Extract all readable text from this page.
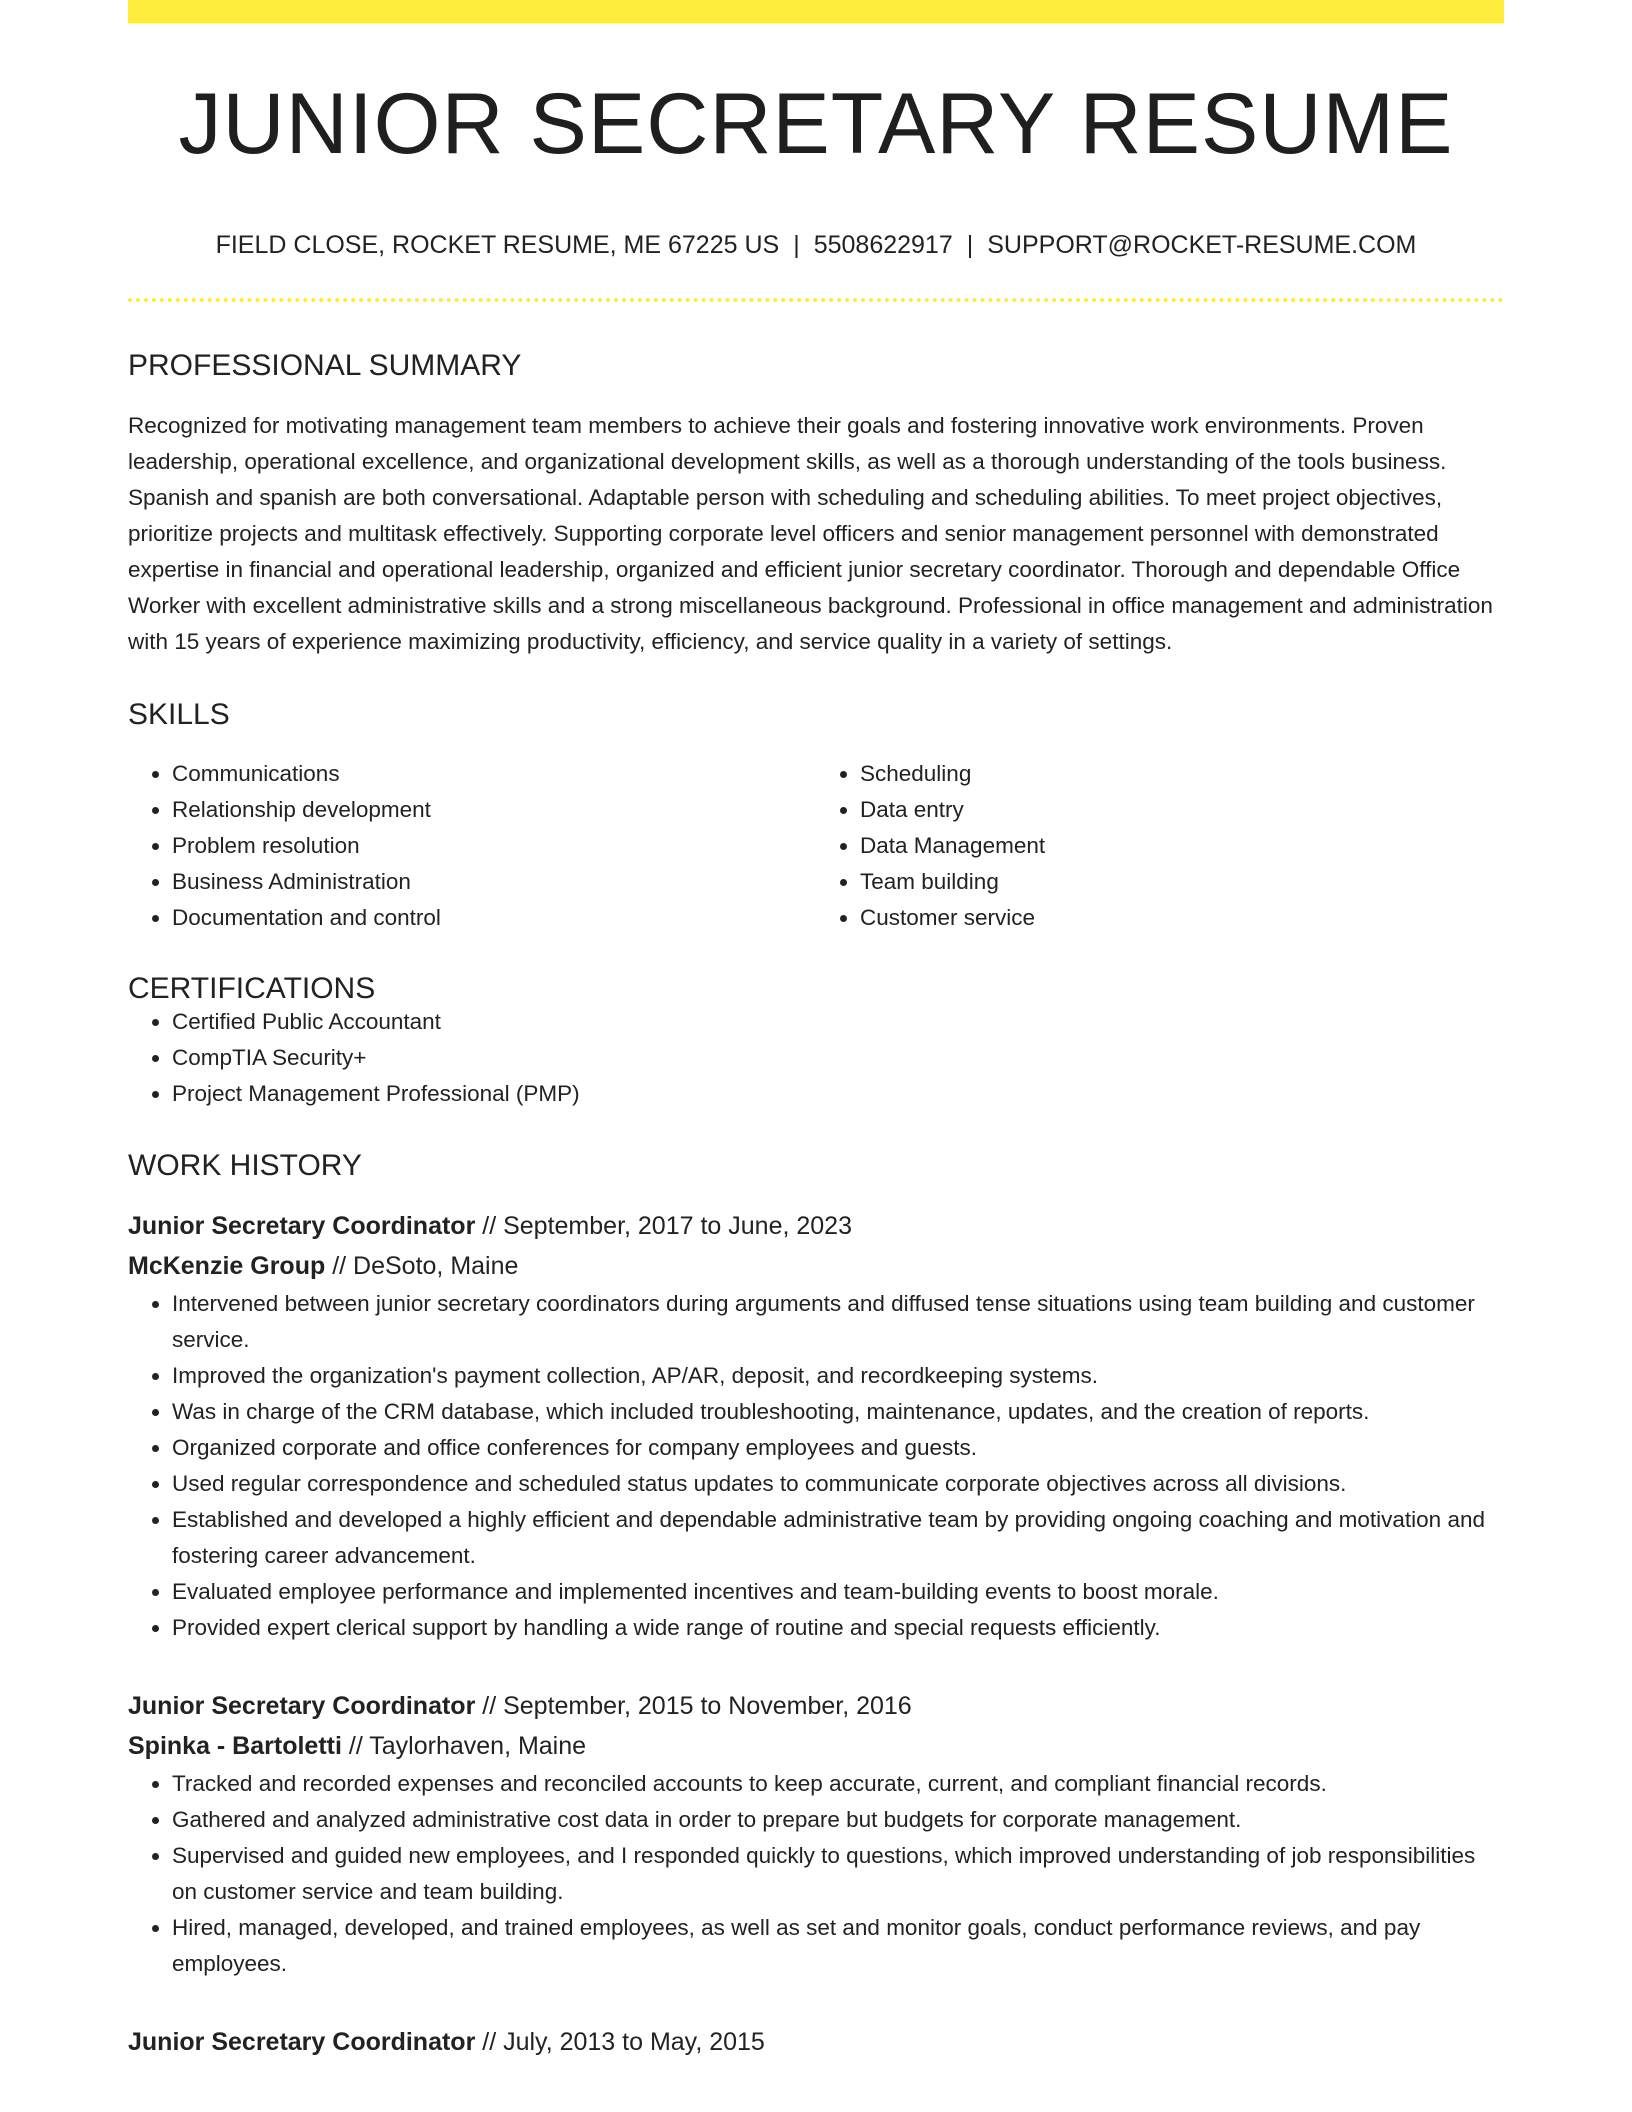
JUNIOR SECRETARY RESUME
FIELD CLOSE, ROCKET RESUME, ME 67225 US | 5508622917 | SUPPORT@ROCKET-RESUME.COM
PROFESSIONAL SUMMARY

Recognized for motivating management team members to achieve their goals and fostering innovative work environments. Proven leadership, operational excellence, and organizational development skills, as well as a thorough understanding of the tools business. Spanish and spanish are both conversational. Adaptable person with scheduling and scheduling abilities. To meet project objectives, prioritize projects and multitask effectively. Supporting corporate level officers and senior management personnel with demonstrated expertise in financial and operational leadership, organized and efficient junior secretary coordinator. Thorough and dependable Office Worker with excellent administrative skills and a strong miscellaneous background. Professional in office management and administration with 15 years of experience maximizing productivity, efficiency, and service quality in a variety of settings.

SKILLS
• Communications
• Relationship development
• Problem resolution
• Business Administration
• Documentation and control
• Scheduling
• Data entry
• Data Management
• Team building
• Customer service
CERTIFICATIONS
• Certified Public Accountant
• CompTIA Security+
• Project Management Professional (PMP)
WORK HISTORY
Junior Secretary Coordinator // September, 2017 to June, 2023
McKenzie Group // DeSoto, Maine
• Intervened between junior secretary coordinators during arguments and diffused tense situations using team building and customer service.
• Improved the organization's payment collection, AP/AR, deposit, and recordkeeping systems.
• Was in charge of the CRM database, which included troubleshooting, maintenance, updates, and the creation of reports.
• Organized corporate and office conferences for company employees and guests.
• Used regular correspondence and scheduled status updates to communicate corporate objectives across all divisions.
• Established and developed a highly efficient and dependable administrative team by providing ongoing coaching and motivation and fostering career advancement.
• Evaluated employee performance and implemented incentives and team-building events to boost morale.
• Provided expert clerical support by handling a wide range of routine and special requests efficiently.
Junior Secretary Coordinator // September, 2015 to November, 2016
Spinka - Bartoletti // Taylorhaven, Maine
• Tracked and recorded expenses and reconciled accounts to keep accurate, current, and compliant financial records.
• Gathered and analyzed administrative cost data in order to prepare but budgets for corporate management.
• Supervised and guided new employees, and I responded quickly to questions, which improved understanding of job responsibilities on customer service and team building.
• Hired, managed, developed, and trained employees, as well as set and monitor goals, conduct performance reviews, and pay employees.
Junior Secretary Coordinator // July, 2013 to May, 2015
